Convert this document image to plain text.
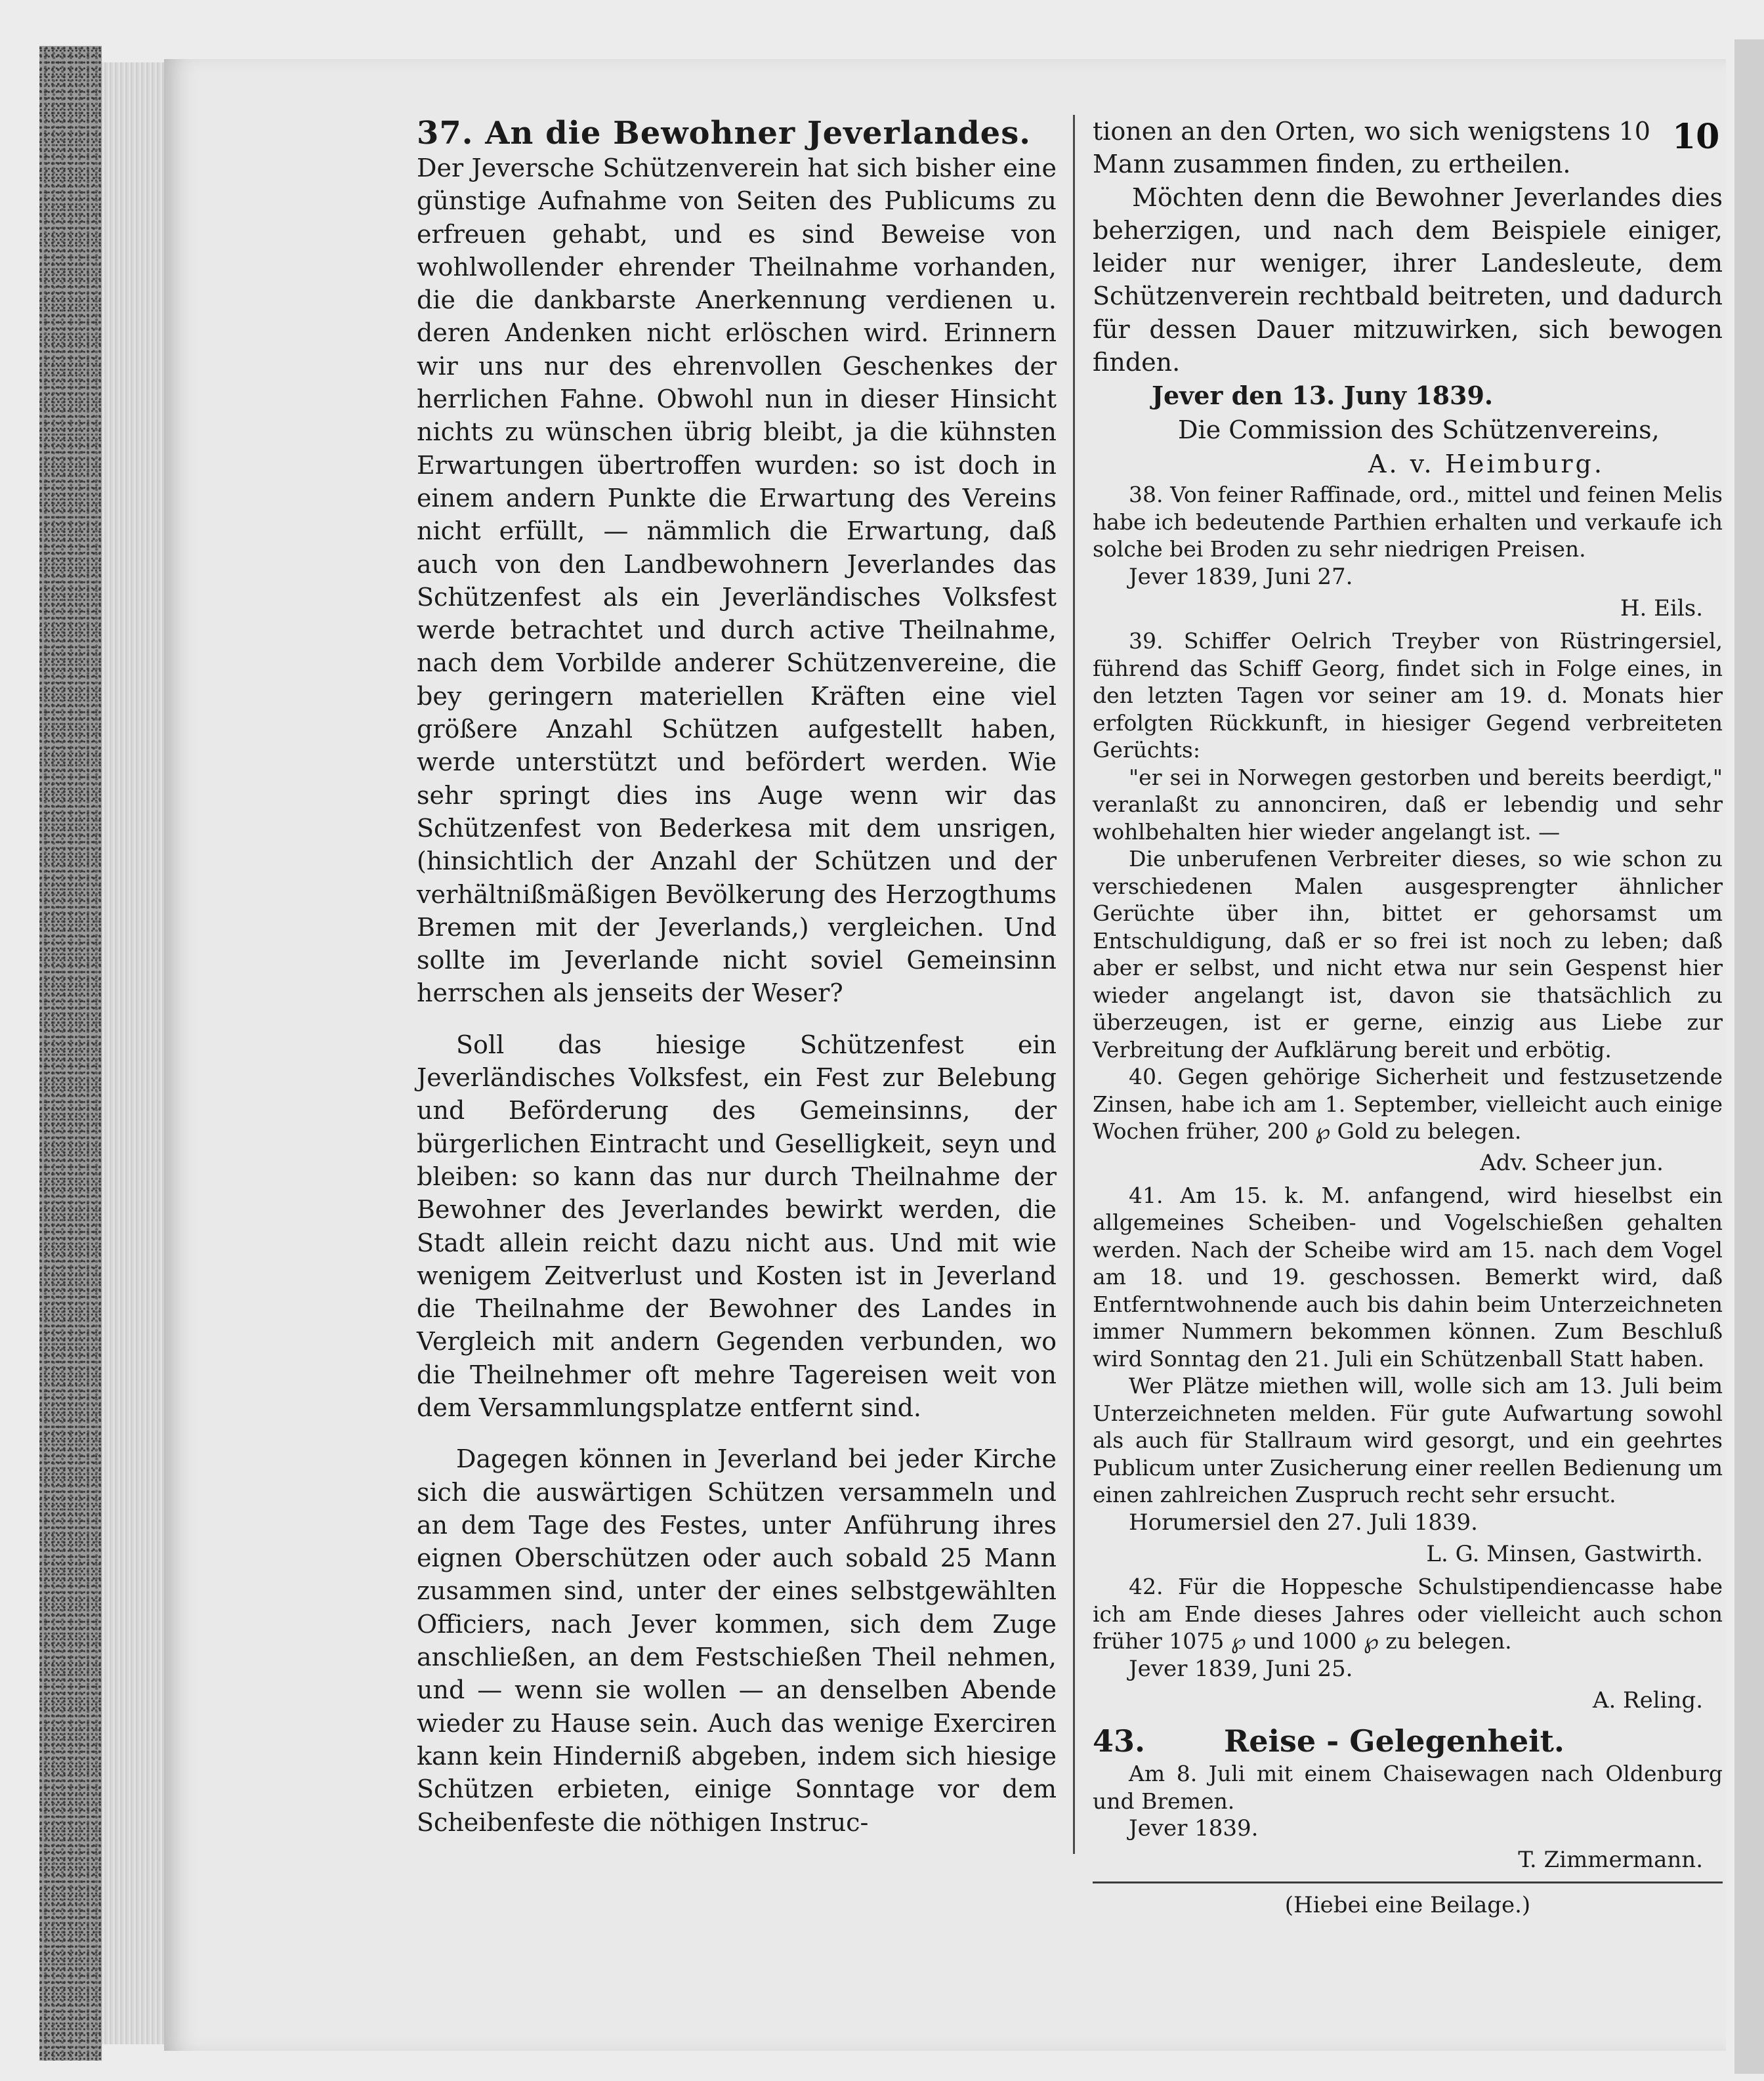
10
37. An die Bewohner Jeverlandes.

Der Jeversche Schützenverein hat sich bisher eine günstige Aufnahme von Seiten des Publicums zu erfreuen gehabt, und es sind Beweise von wohlwollender ehrender Theilnahme vorhanden, die die dankbarste Anerkennung verdienen u. deren Andenken nicht erlöschen wird. Erinnern wir uns nur des ehrenvollen Geschenkes der herrlichen Fahne. Obwohl nun in dieser Hinsicht nichts zu wünschen übrig bleibt, ja die kühnsten Erwartungen übertroffen wurden: so ist doch in einem andern Punkte die Erwartung des Vereins nicht erfüllt, — nämmlich die Erwartung, daß auch von den Landbewohnern Jeverlandes das Schützenfest als ein Jeverländisches Volksfest werde betrachtet und durch active Theilnahme, nach dem Vorbilde anderer Schützenvereine, die bey geringern materiellen Kräften eine viel größere Anzahl Schützen aufgestellt haben, werde unterstützt und befördert werden. Wie sehr springt dies ins Auge wenn wir das Schützenfest von Bederkesa mit dem unsrigen, (hinsichtlich der Anzahl der Schützen und der verhältnißmäßigen Bevölkerung des Herzogthums Bremen mit der Jeverlands,) vergleichen. Und sollte im Jeverlande nicht soviel Gemeinsinn herrschen als jenseits der Weser?

Soll das hiesige Schützenfest ein Jeverländisches Volksfest, ein Fest zur Belebung und Beförderung des Gemeinsinns, der bürgerlichen Eintracht und Geselligkeit, seyn und bleiben: so kann das nur durch Theilnahme der Bewohner des Jeverlandes bewirkt werden, die Stadt allein reicht dazu nicht aus. Und mit wie wenigem Zeitverlust und Kosten ist in Jeverland die Theilnahme der Bewohner des Landes in Vergleich mit andern Gegenden verbunden, wo die Theilnehmer oft mehre Tagereisen weit von dem Versammlungsplatze entfernt sind.

Dagegen können in Jeverland bei jeder Kirche sich die auswärtigen Schützen versammeln und an dem Tage des Festes, unter Anführung ihres eignen Oberschützen oder auch sobald 25 Mann zusammen sind, unter der eines selbstgewählten Officiers, nach Jever kommen, sich dem Zuge anschließen, an dem Festschießen Theil nehmen, und — wenn sie wollen — an denselben Abende wieder zu Hause sein. Auch das wenige Exerciren kann kein Hinderniß abgeben, indem sich hiesige Schützen erbieten, einige Sonntage vor dem Scheibenfeste die nöthigen Instruc-

tionen an den Orten, wo sich wenigstens 10 Mann zusammen finden, zu ertheilen.

Möchten denn die Bewohner Jeverlandes dies beherzigen, und nach dem Beispiele einiger, leider nur weniger, ihrer Landesleute, dem Schützenverein rechtbald beitreten, und dadurch für dessen Dauer mitzuwirken, sich bewogen finden.

Jever den 13. Juny 1839.
Die Commission des Schützenvereins,
A. v. Heimburg.

38. Von feiner Raffinade, ord., mittel und feinen Melis habe ich bedeutende Parthien erhalten und verkaufe ich solche bei Broden zu sehr niedrigen Preisen.

Jever 1839, Juni 27.
H. Eils.

39. Schiffer Oelrich Treyber von Rüstringersiel, führend das Schiff Georg, findet sich in Folge eines, in den letzten Tagen vor seiner am 19. d. Monats hier erfolgten Rückkunft, in hiesiger Gegend verbreiteten Gerüchts:

"er sei in Norwegen gestorben und bereits beerdigt," veranlaßt zu annonciren, daß er lebendig und sehr wohlbehalten hier wieder angelangt ist. —

Die unberufenen Verbreiter dieses, so wie schon zu verschiedenen Malen ausgesprengter ähnlicher Gerüchte über ihn, bittet er gehorsamst um Entschuldigung, daß er so frei ist noch zu leben; daß aber er selbst, und nicht etwa nur sein Gespenst hier wieder angelangt ist, davon sie thatsächlich zu überzeugen, ist er gerne, einzig aus Liebe zur Verbreitung der Aufklärung bereit und erbötig.

40. Gegen gehörige Sicherheit und festzusetzende Zinsen, habe ich am 1. September, vielleicht auch einige Wochen früher, 200 ℘ Gold zu belegen.

Adv. Scheer jun.

41. Am 15. k. M. anfangend, wird hieselbst ein allgemeines Scheiben- und Vogelschießen gehalten werden. Nach der Scheibe wird am 15. nach dem Vogel am 18. und 19. geschossen. Bemerkt wird, daß Entferntwohnende auch bis dahin beim Unterzeichneten immer Nummern bekommen können. Zum Beschluß wird Sonntag den 21. Juli ein Schützenball Statt haben.

Wer Plätze miethen will, wolle sich am 13. Juli beim Unterzeichneten melden. Für gute Aufwartung sowohl als auch für Stallraum wird gesorgt, und ein geehrtes Publicum unter Zusicherung einer reellen Bedienung um einen zahlreichen Zuspruch recht sehr ersucht.

Horumersiel den 27. Juli 1839.
L. G. Minsen, Gastwirth.

42. Für die Hoppesche Schulstipendiencasse habe ich am Ende dieses Jahres oder vielleicht auch schon früher 1075 ℘ und 1000 ℘ zu belegen.

Jever 1839, Juni 25.
A. Reling.
43.	Reise - Gelegenheit.

Am 8. Juli mit einem Chaisewagen nach Oldenburg und Bremen.

Jever 1839.
T. Zimmermann.
(Hiebei eine Beilage.)
